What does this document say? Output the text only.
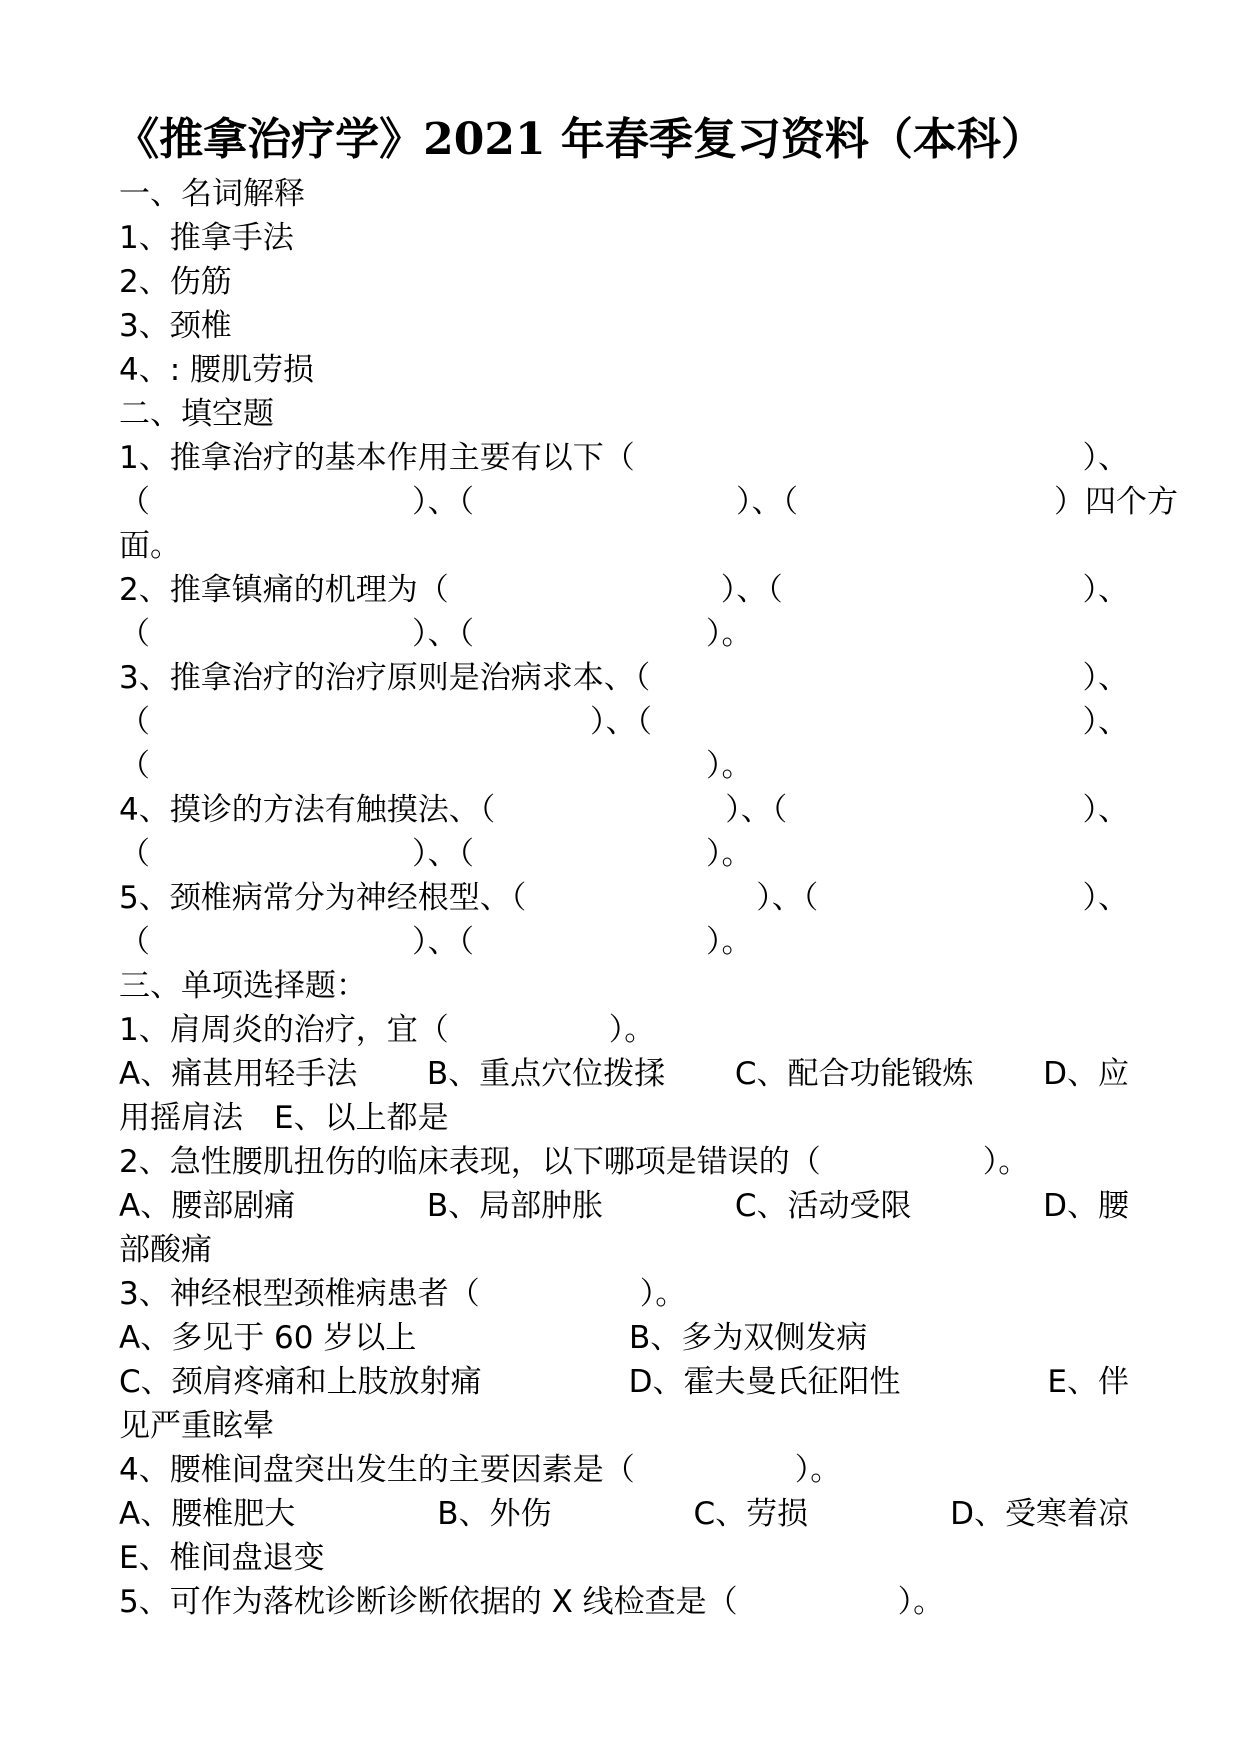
《推拿治疗学》2021 年春季复习资料（本科）
一、名词解释
1、推拿手法
2、伤筋
3、颈椎
4、: 腰肌劳损
二、填空题
1、推拿治疗的基本作用主要有以下（	）、
（	）、（	）、（	）四个方
面。
2、推拿镇痛的机理为（	）、（	）、
（	）、（	）。
3、推拿治疗的治疗原则是治病求本、（	）、
（	）、（	）、
（	）。
4、摸诊的方法有触摸法、（	）、（	）、
（	）、（	）。
5、颈椎病常分为神经根型、（	）、（	）、
（	）、（	）。
三、单项选择题：
1、肩周炎的治疗，宜（	）。
A、痛甚用轻手法 B、重点穴位拨揉 C、配合功能锻炼 D、应
用摇肩法　E、以上都是
2、急性腰肌扭伤的临床表现，以下哪项是错误的（	）。
A、腰部剧痛	B、局部肿胀	C、活动受限	D、腰
部酸痛
3、神经根型颈椎病患者（	）。
A、多见于 60 岁以上	B、多为双侧发病
C、颈肩疼痛和上肢放射痛	D、霍夫曼氏征阳性	E、伴
见严重眩晕
4、腰椎间盘突出发生的主要因素是（	）。
A、腰椎肥大	B、外伤	C、劳损	D、受寒着凉
E、椎间盘退变
5、可作为落枕诊断诊断依据的 X 线检查是（	）。
